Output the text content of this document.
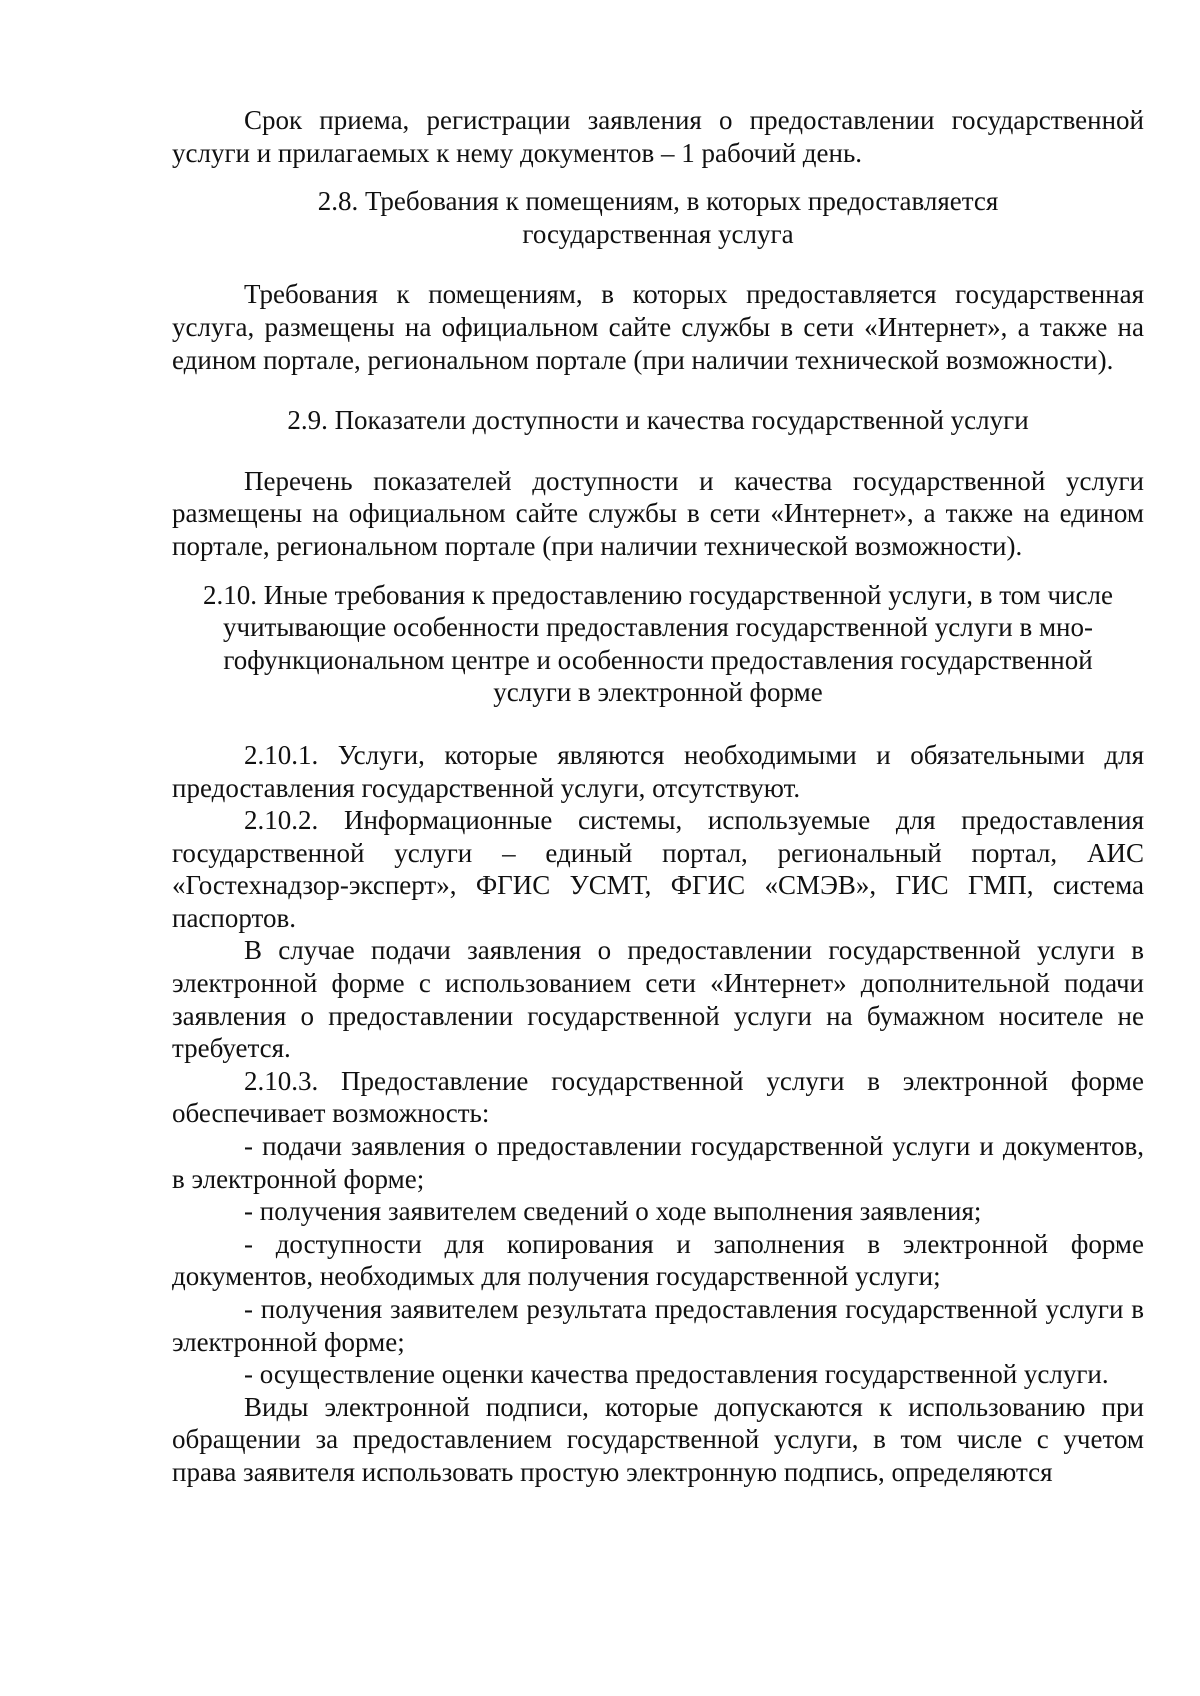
Срок приема, регистрации заявления о предоставлении государственной услуги и прилагаемых к нему документов – 1 рабочий день.

2.8. Требования к помещениям, в которых предоставляется
государственная услуга

Требования к помещениям, в которых предоставляется государственная услуга, размещены на официальном сайте службы в сети «Интернет», а также на едином портале, региональном портале (при наличии технической возможности).

2.9. Показатели доступности и качества государственной услуги

Перечень показателей доступности и качества государственной услуги размещены на официальном сайте службы в сети «Интернет», а также на едином портале, региональном портале (при наличии технической возможности).

2.10. Иные требования к предоставлению государственной услуги, в том числе
учитывающие особенности предоставления государственной услуги в мно-
гофункциональном центре и особенности предоставления государственной
услуги в электронной форме

2.10.1. Услуги, которые являются необходимыми и обязательными для предоставления государственной услуги, отсутствуют.

2.10.2. Информационные системы, используемые для предоставления государственной услуги – единый портал, региональный портал, АИС «Гостехнадзор-эксперт», ФГИС УСМТ, ФГИС «СМЭВ», ГИС ГМП, система паспортов.

В случае подачи заявления о предоставлении государственной услуги в электронной форме с использованием сети «Интернет» дополнительной подачи заявления о предоставлении государственной услуги на бумажном носителе не требуется.

2.10.3. Предоставление государственной услуги в электронной форме обеспечивает возможность:

- подачи заявления о предоставлении государственной услуги и документов, в электронной форме;

- получения заявителем сведений о ходе выполнения заявления;

- доступности для копирования и заполнения в электронной форме документов, необходимых для получения государственной услуги;

- получения заявителем результата предоставления государственной услуги в электронной форме;

- осуществление оценки качества предоставления государственной услуги.

Виды электронной подписи, которые допускаются к использованию при обращении за предоставлением государственной услуги, в том числе с учетом права заявителя использовать простую электронную подпись, определяются
